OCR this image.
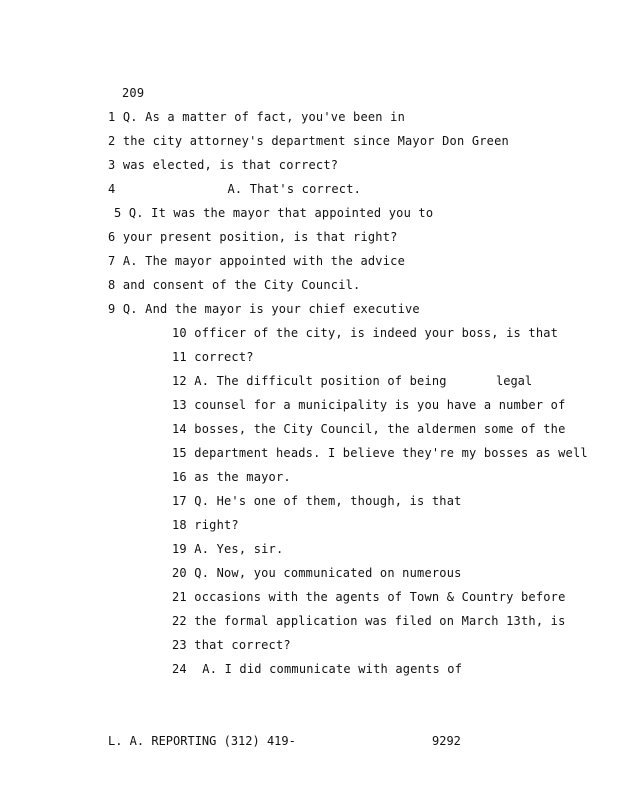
209
1 Q. As a matter of fact, you've been in
2 the city attorney's department since Mayor Don Green
3 was elected, is that correct?
4	A. That's correct.
5 Q. It was the mayor that appointed you to
6 your present position, is that right?
7 A. The mayor appointed with the advice
8 and consent of the City Council.
9 Q. And the mayor is your chief executive
10 officer of the city, is indeed your boss, is that
11 correct?
12 A. The difficult position of being	legal
13 counsel for a municipality is you have a number of
14 bosses, the City Council, the aldermen some of the
15 department heads. I believe they're my bosses as well
16 as the mayor.
17 Q. He's one of them, though, is that
18 right?
19 A. Yes, sir.
20 Q. Now, you communicated on numerous
21 occasions with the agents of Town & Country before
22 the formal application was filed on March 13th, is
23 that correct?
24 A. I did communicate with agents of
L. A. REPORTING (312) 419-	9292
